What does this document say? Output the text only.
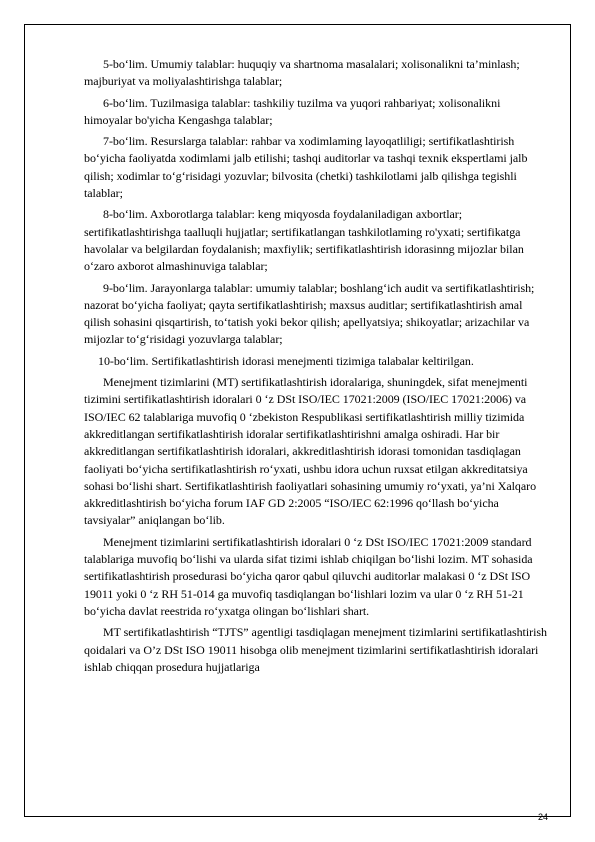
5-bo‘lim. Umumiy talablar: huquqiy va shartnoma masalalari; xolisonalikni ta’minlash; majburiyat va moliyalashtirishga talablar;

6-bo‘lim. Tuzilmasiga talablar: tashkiliy tuzilma va yuqori rahbariyat; xolisonalikni himoyalar bo'yicha Kengashga talablar;

7-bo‘lim. Resurslarga talablar: rahbar va xodimlaming layoqatliligi; sertifikatlashtirish bo‘yicha faoliyatda xodimlami jalb etilishi; tashqi auditorlar va tashqi texnik ekspertlami jalb qilish; xodimlar to‘g‘risidagi yozuvlar; bilvosita (chetki) tashkilotlami jalb qilishga tegishli talablar;

8-bo‘lim. Axborotlarga talablar: keng miqyosda foydalaniladigan axbortlar; sertifikatlashtirishga taalluqli hujjatlar; sertifikatlangan tashkilotlaming ro'yxati; sertifikatga havolalar va belgilardan foydalanish; maxfiylik; sertifikatlashtirish idorasinng mijozlar bilan o‘zaro axborot almashinuviga talablar;

9-bo‘lim. Jarayonlarga talablar: umumiy talablar; boshlang‘ich audit va sertifikatlashtirish; nazorat bo‘yicha faoliyat; qayta sertifikatlashtirish; maxsus auditlar; sertifikatlashtirish amal qilish sohasini qisqartirish, to‘tatish yoki bekor qilish; apellyatsiya; shikoyatlar; arizachilar va mijozlar to‘g‘risidagi yozuvlarga talablar;

10-bo‘lim. Sertifikatlashtirish idorasi menejmenti tizimiga talabalar keltirilgan.

Menejment tizimlarini (MT) sertifikatlashtirish idoralariga, shuningdek, sifat menejmenti tizimini sertifikatlashtirish idoralari 0 ‘z DSt ISO/IEC 17021:2009 (ISO/IEC 17021:2006) va ISO/IEC 62 talablariga muvofiq 0 ‘zbekiston Respublikasi sertifikatlashtirish milliy tizimida akkreditlangan sertifikatlashtirish idoralar sertifikatlashtirishni amalga oshiradi. Har bir akkreditlangan sertifikatlashtirish idoralari, akkreditlashtirish idorasi tomonidan tasdiqlagan faoliyati bo‘yicha sertifikatlashtirish ro‘yxati, ushbu idora uchun ruxsat etilgan akkreditatsiya sohasi bo‘lishi shart. Sertifikatlashtirish faoliyatlari sohasining umumiy ro‘yxati, ya’ni Xalqaro akkreditlashtirish bo‘yicha forum IAF GD 2:2005 “ISO/IEC 62:1996 qo‘llash bo‘yicha tavsiyalar” aniqlangan bo‘lib.

Menejment tizimlarini sertifikatlashtirish idoralari 0 ‘z DSt ISO/IEC 17021:2009 standard talablariga muvofiq bo‘lishi va ularda sifat tizimi ishlab chiqilgan bo‘lishi lozim. MT sohasida sertifikatlashtirish prosedurasi bo‘yicha qaror qabul qiluvchi auditorlar malakasi 0 ‘z DSt ISO 19011 yoki 0 ‘z RH 51-014 ga muvofiq tasdiqlangan bo‘lishlari lozim va ular 0 ‘z RH 51-21 bo‘yicha davlat reestrida ro‘yxatga olingan bo‘lishlari shart.

MT sertifikatlashtirish “TJTS” agentligi tasdiqlagan menejment tizimlarini sertifikatlashtirish qoidalari va O’z DSt ISO 19011 hisobga olib menejment tizimlarini sertifikatlashtirish idoralari ishlab chiqqan prosedura hujjatlariga

24
